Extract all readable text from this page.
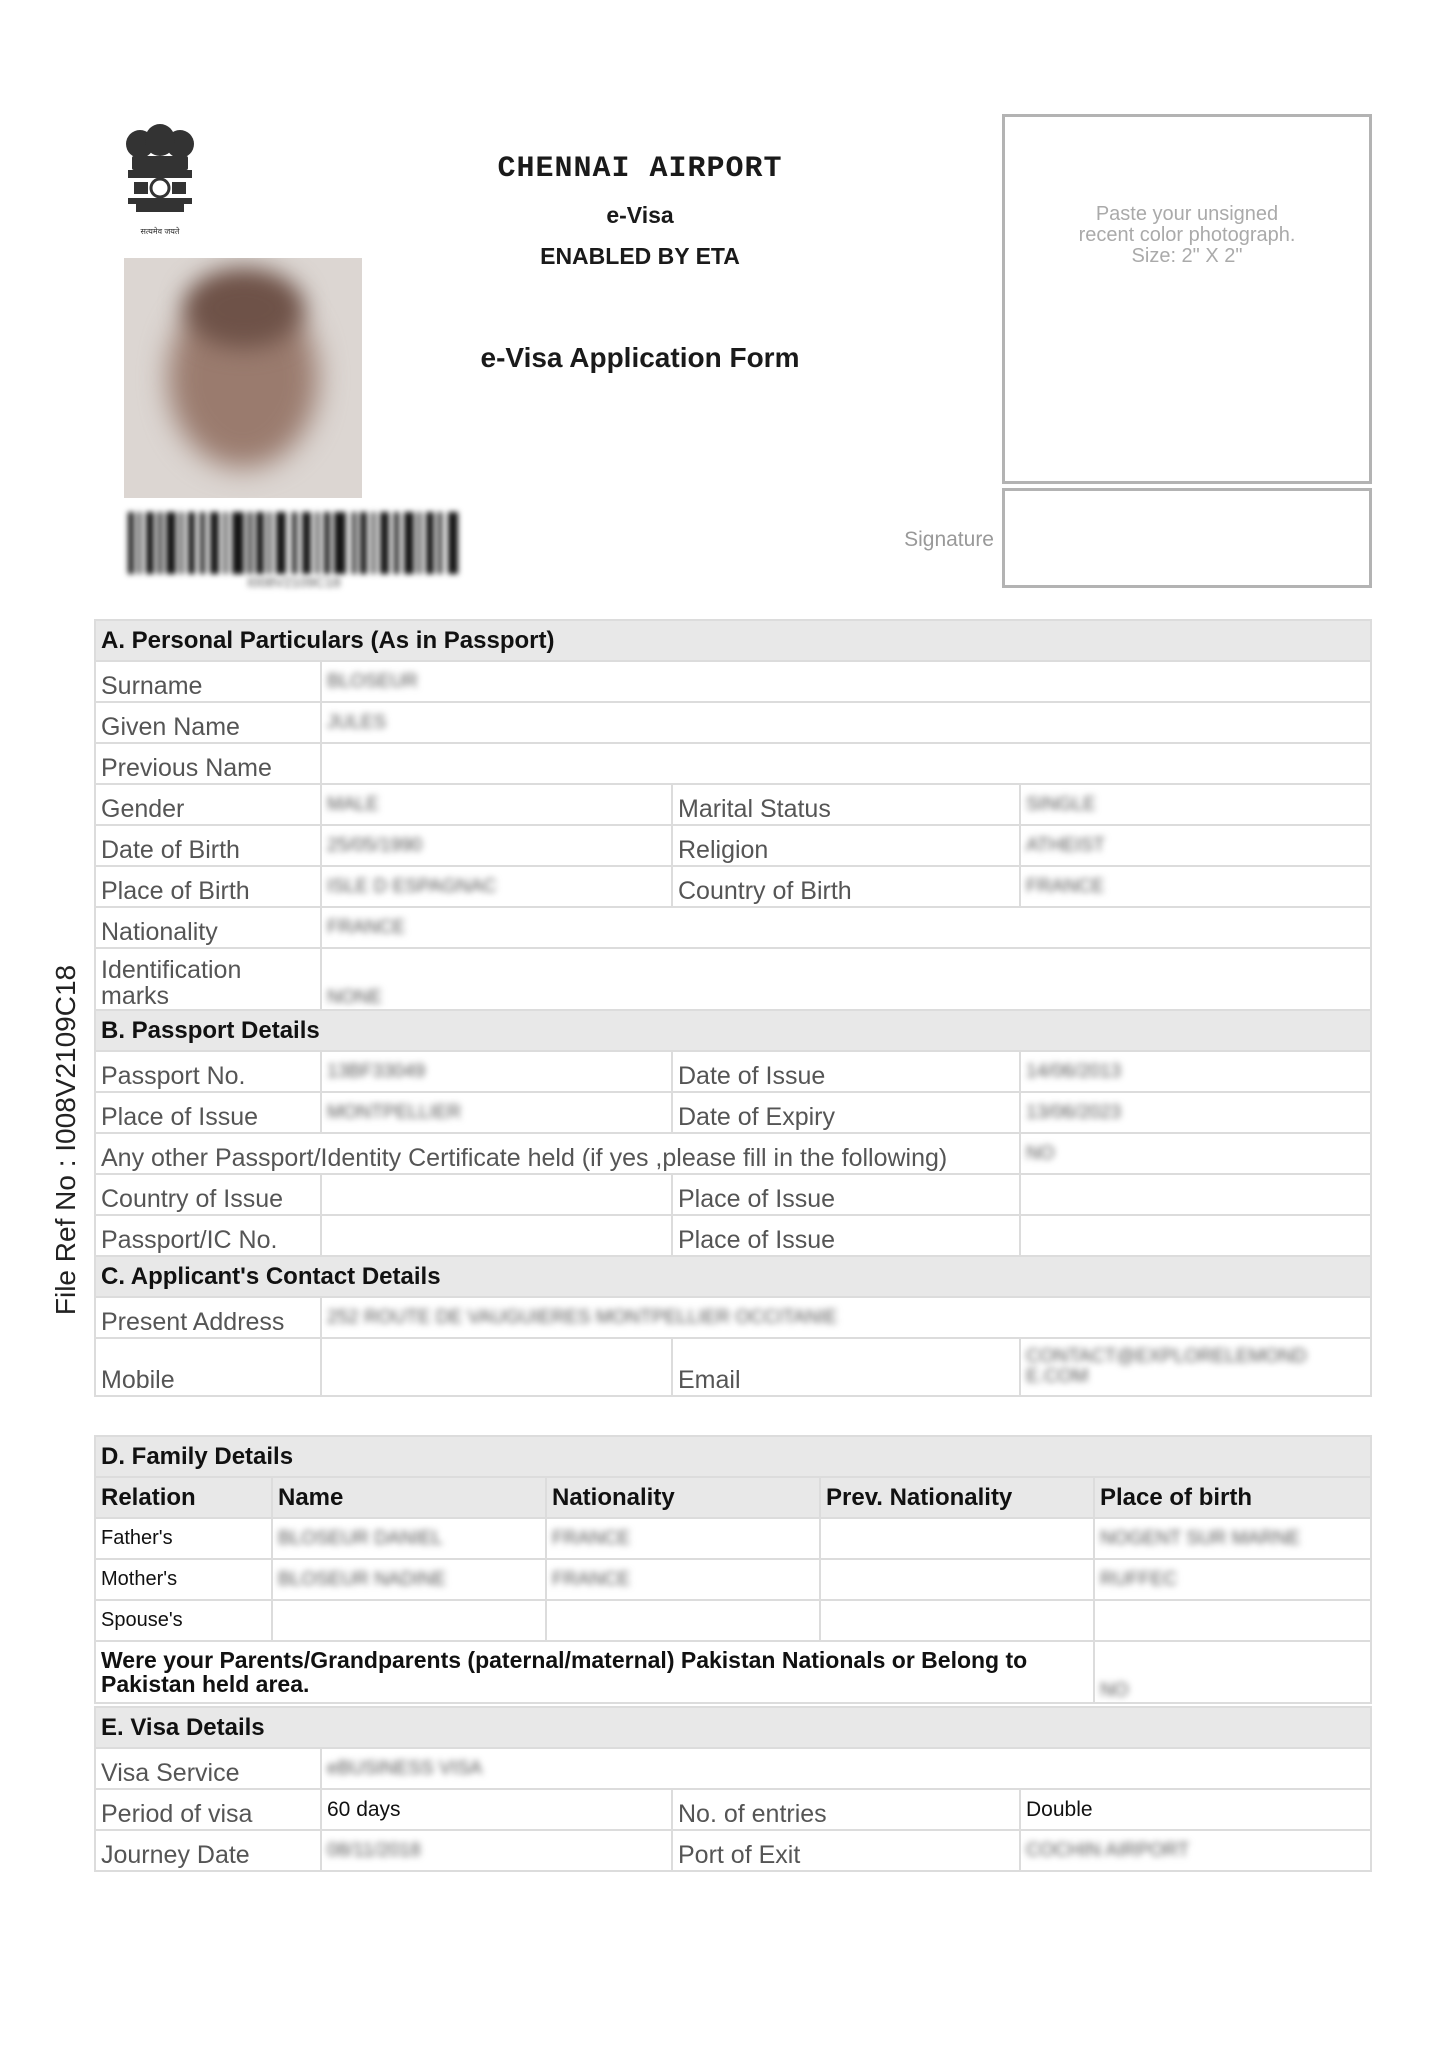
सत्यमेव जयते
CHENNAI AIRPORT
e-Visa
ENABLED BY ETA
e-Visa Application Form
I008V2109C18
Paste your unsigned
recent color photograph.
Size: 2" X 2"
Signature
File Ref No : I008V2109C18
A. Personal Particulars (As in Passport)			
Surname	BLOSEUR		
Given Name	JULES		
Previous Name			
Gender	MALE	Marital Status	SINGLE
Date of Birth	25/05/1990	Religion	ATHEIST
Place of Birth	ISLE D ESPAGNAC	Country of Birth	FRANCE
Nationality	FRANCE		
Identification marks	NONE		
B. Passport Details			
Passport No.	13BF33049	Date of Issue	14/06/2013
Place of Issue	MONTPELLIER	Date of Expiry	13/06/2023
Any other Passport/Identity Certificate held (if yes ,please fill in the following)			NO
Country of Issue		Place of Issue	
Passport/IC No.		Place of Issue	
C. Applicant's Contact Details			
Present Address	252 ROUTE DE VAUGUIERES MONTPELLIER OCCITANIE		
Mobile		Email	CONTACT@EXPLORELEMOND
E.COM
D. Family Details				
Relation	Name	Nationality	Prev. Nationality	Place of birth
Father's	BLOSEUR DANIEL	FRANCE		NOGENT SUR MARNE
Mother's	BLOSEUR NADINE	FRANCE		RUFFEC
Spouse's				
Were your Parents/Grandparents (paternal/maternal) Pakistan Nationals or Belong to Pakistan held area.				NO
E. Visa Details			
Visa Service	eBUSINESS VISA		
Period of visa	60 days	No. of entries	Double
Journey Date	08/11/2018	Port of Exit	COCHIN AIRPORT
